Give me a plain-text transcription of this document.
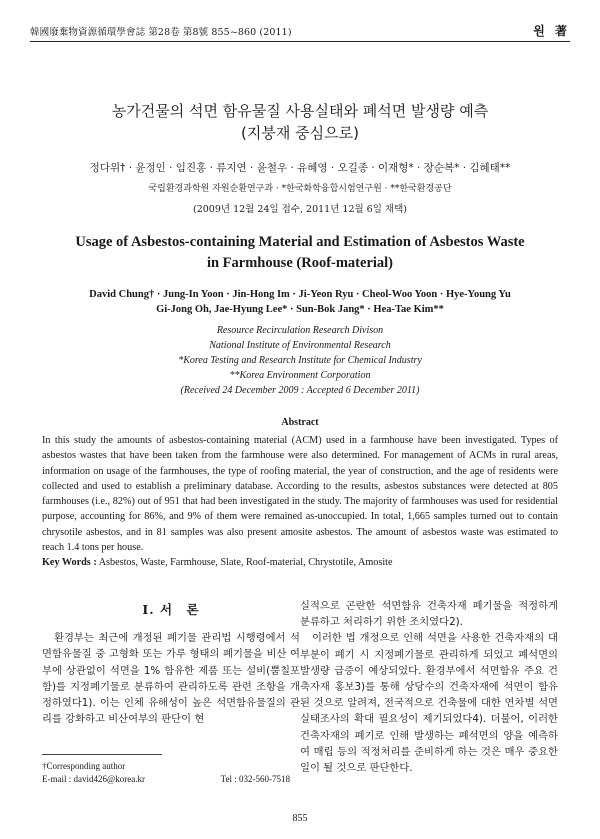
韓國廢棄物資源循環學會誌 第28卷 第8號 855~860 (2011)	원 著
농가건물의 석면 함유물질 사용실태와 폐석면 발생량 예측
(지붕재 중심으로)
정다위† · 윤정인 · 임진홍 · 류지연 · 윤철우 · 유혜영 · 오길종 · 이재형* · 장순복* · 김혜태**
국립환경과학원 자원순환연구과 · *한국화학융합시험연구원 · **한국환경공단
(2009년 12월 24일 접수, 2011년 12월 6일 채택)
Usage of Asbestos-containing Material and Estimation of Asbestos Waste
in Farmhouse (Roof-material)
David Chung† · Jung-In Yoon · Jin-Hong Im · Ji-Yeon Ryu · Cheol-Woo Yoon · Hye-Young Yu
Gi-Jong Oh, Jae-Hyung Lee* · Sun-Bok Jang* · Hea-Tae Kim**
Resource Recirculation Research Divison
National Institute of Environmental Research
*Korea Testing and Research Institute for Chemical Industry
**Korea Environment Corporation
(Received 24 December 2009 : Accepted 6 December 2011)
Abstract
In this study the amounts of asbestos-containing material (ACM) used in a farmhouse have been investigated. Types of asbestos wastes that have been taken from the farmhouse were also determined. For management of ACMs in rural areas, information on usage of the farmhouses, the type of roofing material, the year of construction, and the age of residents were collected and used to establish a preliminary database. According to the results, asbestos substances were detected at 805 farmhouses (i.e., 82%) out of 951 that had been investigated in the study. The majority of farmhouses was used for residential purpose, accounting for 86%, and 9% of them were remained as-unoccupied. In total, 1,665 samples turned out to contain chrysotile asbestos, and in 81 samples was also present amosite asbestos. The amount of asbestos waste was estimated to reach 1.4 tons per house.
Key Words : Asbestos, Waste, Farmhouse, Slate, Roof-material, Chrystotile, Amosite
I. 서　론

환경부는 최근에 개정된 폐기물 관리법 시행령에서 석면함유물질 중 고형화 또는 가루 형태의 폐기물을 비산 여부에 상관없이 석면을 1% 함유한 제품 또는 설비(뿜칠포함)를 지정폐기물로 분류하여 관리하도록 관련 조항을 개정하였다1). 이는 인체 유해성이 높은 석면함유물질의 관리를 강화하고 비산여부의 판단이 현

실적으로 곤란한 석면함유 건축자재 폐기물을 적정하게 분류하고 처리하기 위한 조치였다2).

이러한 법 개정으로 인해 석면을 사용한 건축자재의 대부분이 폐기 시 지정폐기물로 관리하게 되었고 폐석면의 발생량 급증이 예상되었다. 환경부에서 석면함유 주요 건축자재 홍보3)를 통해 상당수의 건축자재에 석면이 함유된 것으로 알려져, 전국적으로 건축물에 대한 연차별 석면 실태조사의 확대 필요성이 제기되었다4). 더불어, 이러한 건축자재의 폐기로 인해 발생하는 폐석면의 양을 예측하여 매립 등의 적정처리를 준비하게 하는 것은 매우 중요한 일이 될 것으로 판단한다.

†Corresponding author
E-mail : david426@korea.kr	Tel : 032-560-7518
855
